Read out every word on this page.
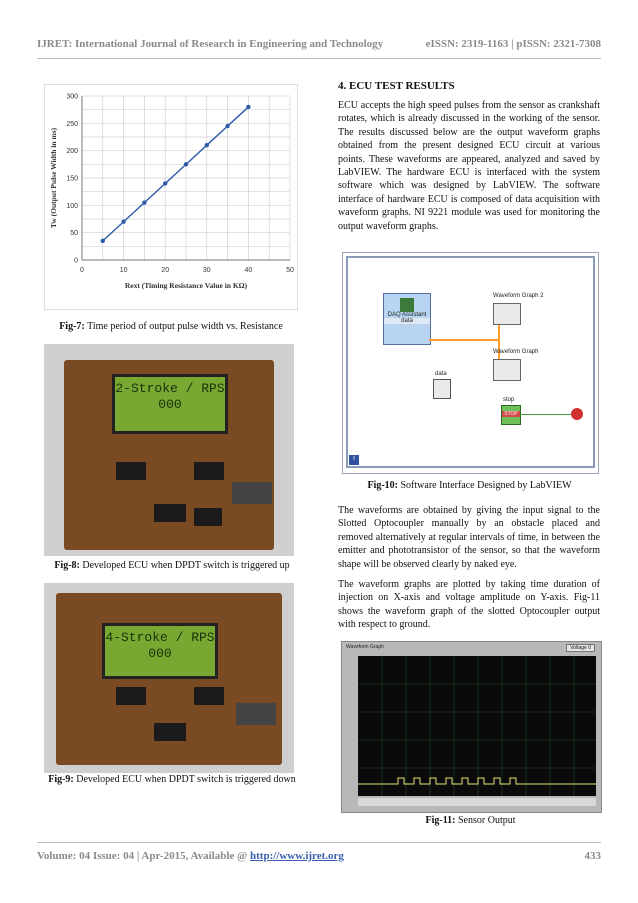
IJRET: International Journal of Research in Engineering and Technology	eISSN: 2319-1163 | pISSN: 2321-7308
0	10	20	30	40	50
0
50
100
150
200
250
300
Rext (Timing Resistance Value in KΩ)
Tw (Output Pulse Width in ms)
Fig-7: Time period of output pulse width vs. Resistance
2-Stroke / RPS
000
Fig-8: Developed ECU when DPDT switch is triggered up
4-Stroke / RPS
000
Fig-9: Developed ECU when DPDT switch is triggered down
4. ECU TEST RESULTS
ECU accepts the high speed pulses from the sensor as crankshaft rotates, which is already discussed in the working of the sensor. The results discussed below are the output waveform graphs obtained from the present designed ECU circuit at various points. These waveforms are appeared, analyzed and saved by LabVIEW. The hardware ECU is interfaced with the system software which was designed by LabVIEW. The software interface of hardware ECU is composed of data acquisition with waveform graphs. NI 9221 module was used for monitoring the output waveform graphs.
DAQ Assistant
data
Waveform Graph 2
Waveform Graph
data
stop
STOP
i
Fig-10: Software Interface Designed by LabVIEW
The waveforms are obtained by giving the input signal to the Slotted Optocoupler manually by an obstacle placed and removed alternatively at regular intervals of time, in between the emitter and phototransistor of the sensor, so that the waveform shape will be observed clearly by naked eye.
The waveform graphs are plotted by taking time duration of injection on X-axis and voltage amplitude on Y-axis. Fig-11 shows the waveform graph of the slotted Optocoupler output with respect to ground.
Waveform Graph	Voltage 0
Fig-11: Sensor Output
Volume: 04 Issue: 04 | Apr-2015, Available @ http://www.ijret.org	433
